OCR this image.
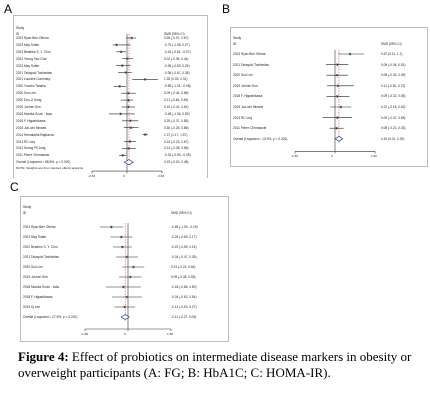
A
Study
ID	SMD (95% CI)
2023 Ryan Ben-Othma	0.35 (-0.07, 0.67)
2023 May Sotter	-0.79 (-1.08, 0.27)
2022 Beatrice S. Y. Choi	-0.44 (-0.81, -0.07)
2022 Yeong Soo Chin	0.02 (-0.36, 0.44)
2022 May Sotter	-0.36 (-0.83, 0.26)
2021 Takayuki Toshimitsu	-0.08 (-0.67, 0.35)
2021 Lourdes Cominsky	1.35 (0.39, 2.31)
2020 Yunoko Tanaka	-0.55 (-1.01, -0.08)
2020 Soo Lim	0.09 (-0.44, 0.66)
2020 Eun-Ji Song	0.11 (-0.46, 0.45)
2019 Jochen Kim	0.10 (-0.41, 0.61)
2018 Monika Szulc - Iwko	-0.48 (-1.36, 0.59)
2018 F. Higashikawa	0.25 (-0.37, 0.85)
2015 Jun-ichi Minami	0.30 (-0.25, 0.86)
2014 Hemalatha Rajkumar	1.37 (1.17, 1.57)
2013 RC Izzy	0.22 (-0.23, 0.67)
2012 Seung Pil Jung	0.14 (-0.38, 0.66)
2011 Pierre Chirmauste	-0.32 (-0.59, -0.05)
Overall (I-squared = 88.8%, p = 0.000)	0.15 (-0.20, 0.48)
NOTE: Weights are from random effects analysis
-2.63	0	2.63
B
Study
ID	SMD (95% CI)
2023 Ryan Ben Othma	0.57 (0.11, 1.1)
2021 Takayuki Toshimitsu	0.09 (-0.34, 0.51)
2020 Soo Lim	0.08 (-0.33, 0.49)
2019 Jochen Kim	0.11 (-0.30, 0.72)
2018 F. Higashikawa	0.09 (-0.32, 0.55)
2015 Jun-ichi Minami	0.22 (-0.18, 0.62)
2013 RC Izzy	0.09 (-0.47, 0.65)
2011 Pierre Chirmauste	0.06 (-0.21, 0.33)
Overall (I-squared = 13.9%, p = 0.324)	0.15 (0.01, 0.29)
-1.52	0	1.52
C
Study
ID	SMD (95% CI)
2023 Ryan Ben Othma	-0.65 (-1.09, -0.19)
2023 May Sotter	-0.26 (-0.69, 0.17)
2022 Beatrice S. Y. Choi	-0.22 (-0.59, 0.15)
2021 Takayuki Toshimitsu	-0.04 (-0.47, 0.39)
2020 Soo Lim	0.21 (-0.22, 0.64)
2019 Jochen Kim	0.09 (-0.35, 0.53)
2018 Monika Szulc - Iwko	-0.18 (-0.86, 0.50)
2018 F. Higashikawa	-0.04 (-0.62, 0.54)
2015 Kj Lee	-0.13 (-0.53, 0.27)
Overall (I-squared = 27.5%, p = 0.202)	-0.11 (-0.27, 0.05)
-1.68	0	1.68
Figure 4: Effect of probiotics on intermediate disease markers in obesity or overweight participants (A: FG; B: HbA1C; C: HOMA-IR).
